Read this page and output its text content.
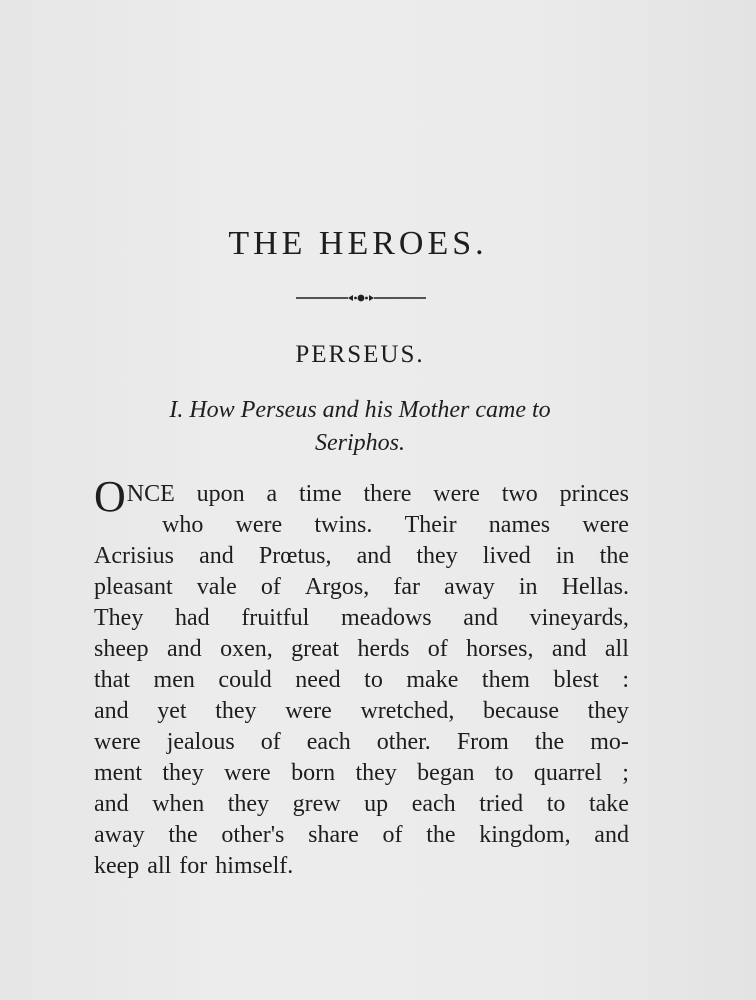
THE HEROES.
PERSEUS.
I. How Perseus and his Mother came to
Seriphos.
ONCE upon a time there were two princes
who were twins. Their names were
Acrisius and Prœtus, and they lived in the
pleasant vale of Argos, far away in Hellas.
They had fruitful meadows and vineyards,
sheep and oxen, great herds of horses, and all
that men could need to make them blest :
and yet they were wretched, because they
were jealous of each other. From the mo-
ment they were born they began to quarrel ;
and when they grew up each tried to take
away the other's share of the kingdom, and
keep all for himself.
